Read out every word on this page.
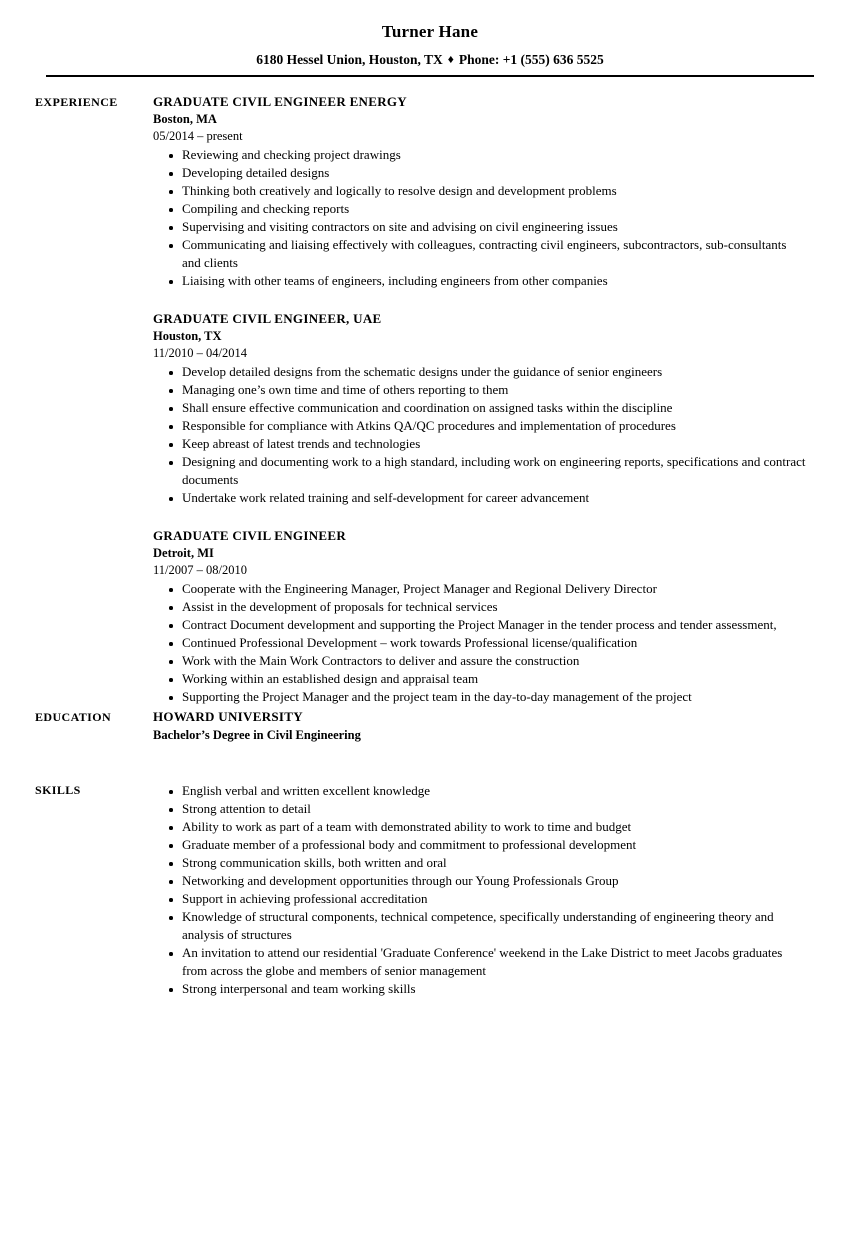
Turner Hane
6180 Hessel Union, Houston, TX ♦ Phone: +1 (555) 636 5525
EXPERIENCE	GRADUATE CIVIL ENGINEER ENERGY
Boston, MA
05/2014 – present
Reviewing and checking project drawings
Developing detailed designs
Thinking both creatively and logically to resolve design and development problems
Compiling and checking reports
Supervising and visiting contractors on site and advising on civil engineering issues
Communicating and liaising effectively with colleagues, contracting civil engineers, subcontractors, sub-consultants and clients
Liaising with other teams of engineers, including engineers from other companies
GRADUATE CIVIL ENGINEER, UAE
Houston, TX
11/2010 – 04/2014
Develop detailed designs from the schematic designs under the guidance of senior engineers
Managing one’s own time and time of others reporting to them
Shall ensure effective communication and coordination on assigned tasks within the discipline
Responsible for compliance with Atkins QA/QC procedures and implementation of procedures
Keep abreast of latest trends and technologies
Designing and documenting work to a high standard, including work on engineering reports, specifications and contract documents
Undertake work related training and self-development for career advancement
GRADUATE CIVIL ENGINEER
Detroit, MI
11/2007 – 08/2010
Cooperate with the Engineering Manager, Project Manager and Regional Delivery Director
Assist in the development of proposals for technical services
Contract Document development and supporting the Project Manager in the tender process and tender assessment,
Continued Professional Development – work towards Professional license/qualification
Work with the Main Work Contractors to deliver and assure the construction
Working within an established design and appraisal team
Supporting the Project Manager and the project team in the day-to-day management of the project
EDUCATION	HOWARD UNIVERSITY
Bachelor’s Degree in Civil Engineering
SKILLS	English verbal and written excellent knowledge
Strong attention to detail
Ability to work as part of a team with demonstrated ability to work to time and budget
Graduate member of a professional body and commitment to professional development
Strong communication skills, both written and oral
Networking and development opportunities through our Young Professionals Group
Support in achieving professional accreditation
Knowledge of structural components, technical competence, specifically understanding of engineering theory and analysis of structures
An invitation to attend our residential 'Graduate Conference' weekend in the Lake District to meet Jacobs graduates from across the globe and members of senior management
Strong interpersonal and team working skills
